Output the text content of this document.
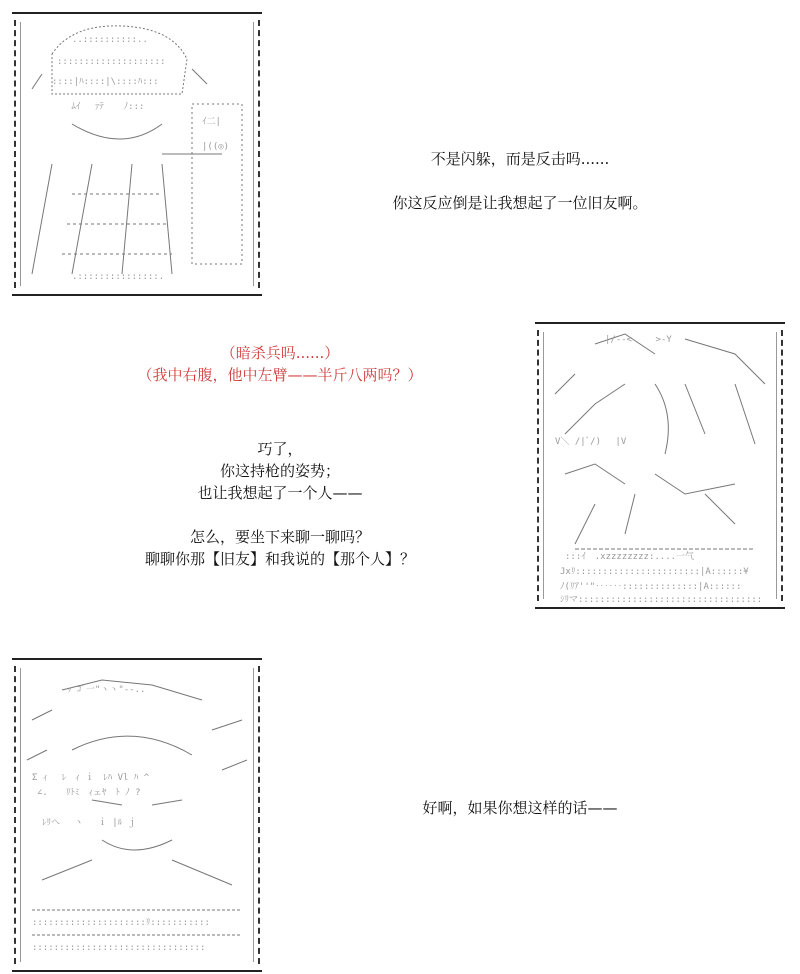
..::::::::::..
::::::::::::::::::::
::::|ﾊ::::|\::::ﾊ:::
　 ﾑｲ 　ｧﾃ 　 ﾉ:::
ｲ二|
|((◎)
.:::::::::::::::.
不是闪躲，而是反击吗......
你这反应倒是让我想起了一位旧友啊。
（暗杀兵吗......）
（我中右腹，他中左臂——半斤八两吗？）
巧了，
你这持枪的姿势；
也让我想起了一个人——
怎么，要坐下来聊一聊吗？
聊聊你那【旧友】和我说的【那个人】？
|/--<　　 >-Y
V＼ /|ﾞ/)　 |V
:::ｲ　.xzzzzzzzz:....一气
Jxﾘ:::::::::::::::::::::::|A::::::¥
ﾉ(ﾘｱ''"‥‥‥::::::::::::::|A::::::
ｼﾘマ::::::::::::::::::::::::::::::::::
ｯ ｺﾞ一"ヽヽ"‐‐..
Σ ｨ　 ﾚ　ｨ ｉ　ﾚﾊ Vl ﾊ ^
∠.　　ﾘﾄﾐ　ｨェﾔ　ﾄ ﾉ ?
ﾚﾘヘ　 ヽ　 ｉ |ﾙ ｊ
:::::::::::::::::::::ﾘ:::::::::::
::::::::::::::::::::::::::::::::
好啊，如果你想这样的话——
